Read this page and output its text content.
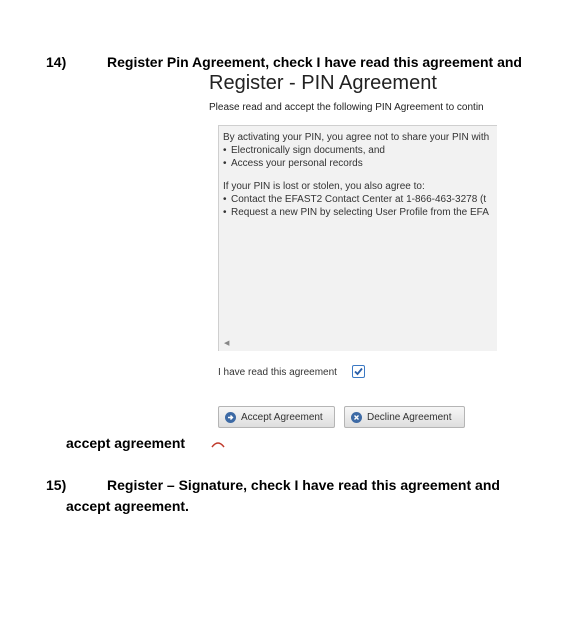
14)	Register Pin Agreement, check I have read this agreement and
Register - PIN Agreement
Please read and accept the following PIN Agreement to contin
By activating your PIN, you agree not to share your PIN with
• Electronically sign documents, and
• Access your personal records
If your PIN is lost or stolen, you also agree to:
• Contact the EFAST2 Contact Center at 1-866-463-3278 (t
• Request a new PIN by selecting User Profile from the EFA
◀
I have read this agreement
Accept Agreement	Decline Agreement
accept agreement
15)	Register – Signature, check I have read this agreement and
accept agreement.
